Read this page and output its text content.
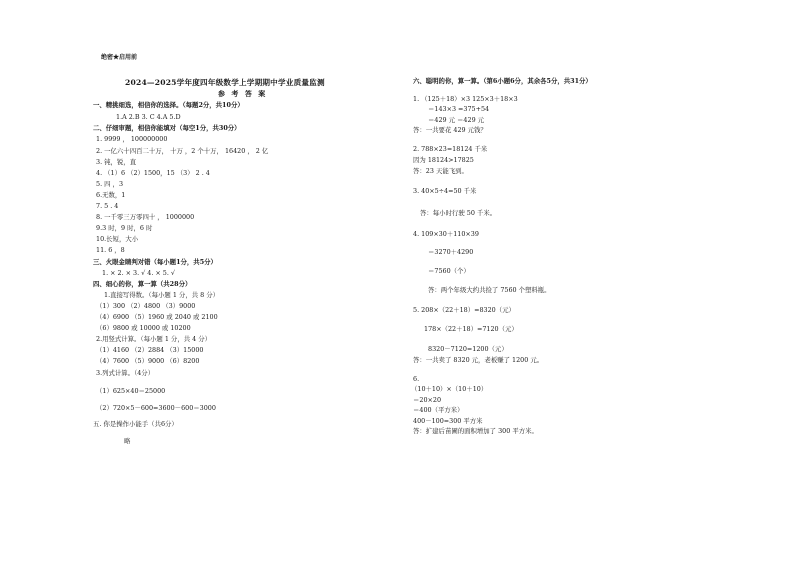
绝密★启用前
2024—2025学年度四年级数学上学期期中学业质量监测
参 考 答 案
一、精挑细选，相信你的选择。（每题2分，共10分）
1.A 2.B 3. C 4.A 5.D
二、仔细审题，相信你能填对（每空1分，共30分）
1. 9999 ， 100000000
2. 一亿六十四百二十万， 十万 ，2 个十万， 16420 ， 2 亿
3. 钝，锐，直
4. （1）6 （2）1500，15 （3） 2 . 4
5. 四 ，3
6.无数，1
7. 5 . 4
8. 一千零三万零四十 ， 1000000
9.3 时，9 时，6 时
10.长短，大小
11. 6 ，8
三、火眼金睛判对错（每小题1分，共5分）
1. × 2. × 3. √ 4. × 5. √
四、细心的你，算一算（共28分）
1.直接写得数。（每小题 1 分，共 8 分）
（1）300 （2）4800 （3）9000
（4）6900 （5）1960 或 2040 或 2100
（6）9800 或 10000 或 10200
2.用竖式计算。（每小题 1 分，共 4 分）
（1）4160 （2）2884 （3）15000
（4）7600 （5）9000 （6）8200
3.列式计算。（4分）
（1）625×40＝25000
（2）720×5－600=3600－600＝3000
五. 你是操作小能手（共6分）
略
六、聪明的你，算一算。（第6小题6分，其余各5分，共31分）
1. （125＋18）×3 125×3＋18×3
＝143×3 =375+54
＝429 元 ＝429 元
答：一共要花 429 元钱？
2. 788×23=18124 千米
因为 18124>17825
答：23 天能飞到。
3. 40×5÷4=50 千米
答：每小时行驶 50 千米。
4. 109×30＋110×39
＝3270＋4290
＝7560（个）
答：两个年级大约共捡了 7560 个塑料瓶。
5. 208×（22＋18）=8320（元）
178×（22＋18）=7120（元）
8320－7120=1200（元）
答：一共卖了 8320 元，老板赚了 1200 元。
6.
（10＋10）×（10＋10）
＝20×20
＝400（平方米）
400－100=300 平方米
答：扩建后苗圃的面积增加了 300 平方米。
